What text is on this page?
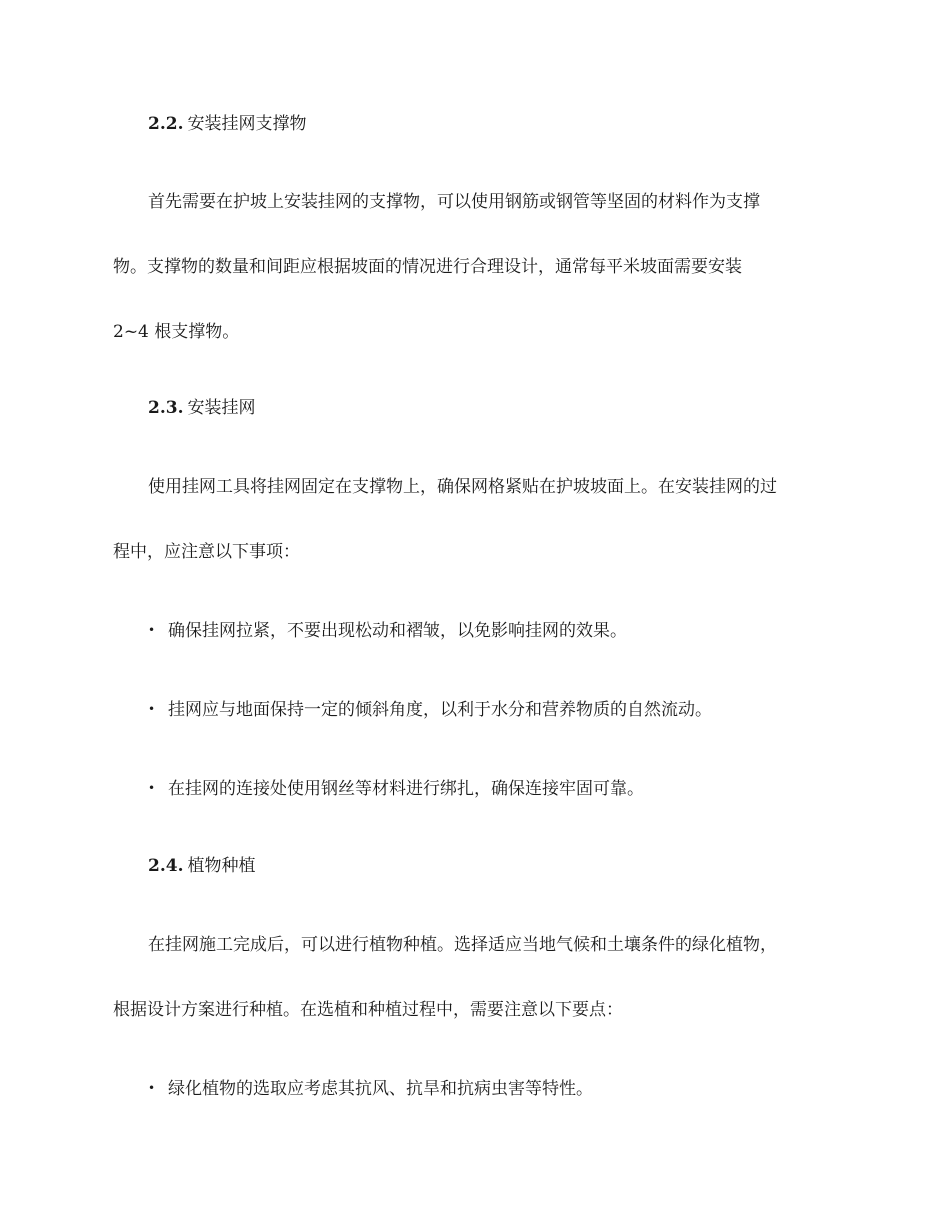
2.2. 安装挂网支撑物
首先需要在护坡上安装挂网的支撑物，可以使用钢筋或钢管等坚固的材料作为支撑
物。支撑物的数量和间距应根据坡面的情况进行合理设计，通常每平米坡面需要安装
2~4 根支撑物。
2.3. 安装挂网
使用挂网工具将挂网固定在支撑物上，确保网格紧贴在护坡坡面上。在安装挂网的过
程中，应注意以下事项：
• 确保挂网拉紧，不要出现松动和褶皱，以免影响挂网的效果。
• 挂网应与地面保持一定的倾斜角度，以利于水分和营养物质的自然流动。
• 在挂网的连接处使用钢丝等材料进行绑扎，确保连接牢固可靠。
2.4. 植物种植
在挂网施工完成后，可以进行植物种植。选择适应当地气候和土壤条件的绿化植物，
根据设计方案进行种植。在选植和种植过程中，需要注意以下要点：
• 绿化植物的选取应考虑其抗风、抗旱和抗病虫害等特性。
